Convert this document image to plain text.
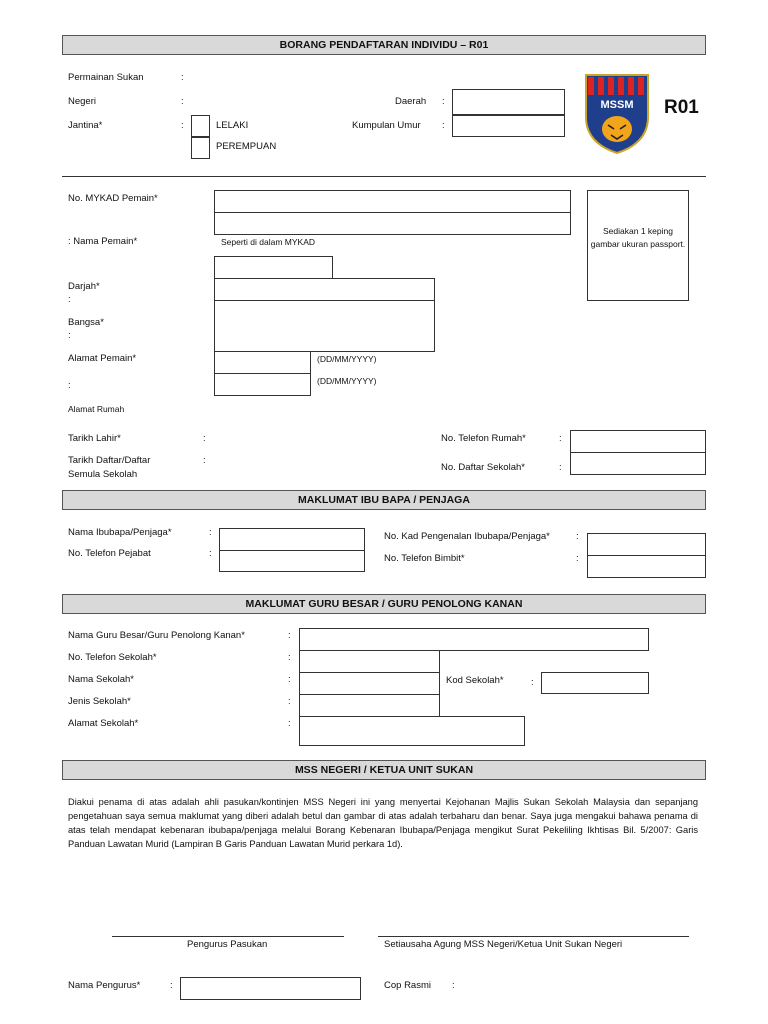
BORANG PENDAFTARAN INDIVIDU – R01
Permainan Sukan	:
Negeri	:
Jantina*	:	LELAKI
PEREMPUAN
Daerah :
Kumpulan Umur :
MSSM R01
No. MYKAD Pemain*
: Nama Pemain*	Seperti di dalam MYKAD
Sediakan 1 keping gambar ukuran passport.
Darjah*
:
Bangsa*
:
Alamat Pemain*
:
(DD/MM/YYYY)
(DD/MM/YYYY)
Alamat Rumah
Tarikh Lahir*	:
Tarikh Daftar/Daftar
Semula Sekolah
:
No. Telefon Rumah*	:
No. Daftar Sekolah*	:
MAKLUMAT IBU BAPA / PENJAGA
Nama Ibubapa/Penjaga*	:
No. Telefon Pejabat	:
No. Kad Pengenalan Ibubapa/Penjaga*	:
No. Telefon Bimbit*	:
MAKLUMAT GURU BESAR / GURU PENOLONG KANAN
Nama Guru Besar/Guru Penolong Kanan*	:
No. Telefon Sekolah*	:
Nama Sekolah*	:
Jenis Sekolah*	:
Alamat Sekolah*	:
Kod Sekolah*	:
MSS NEGERI / KETUA UNIT SUKAN
Diakui penama di atas adalah ahli pasukan/kontinjen MSS Negeri ini yang menyertai Kejohanan Majlis Sukan Sekolah Malaysia dan sepanjang pengetahuan saya semua maklumat yang diberi adalah betul dan gambar di atas adalah terbaharu dan benar. Saya juga mengakui bahawa penama di atas telah mendapat kebenaran ibubapa/penjaga melalui Borang Kebenaran Ibubapa/Penjaga mengikut Surat Pekeliling Ikhtisas Bil. 5/2007: Garis Panduan Lawatan Murid (Lampiran B Garis Panduan Lawatan Murid perkara 1d).
Pengurus Pasukan	Setiausaha Agung MSS Negeri/Ketua Unit Sukan Negeri
Nama Pengurus*	:	Cop Rasmi :
